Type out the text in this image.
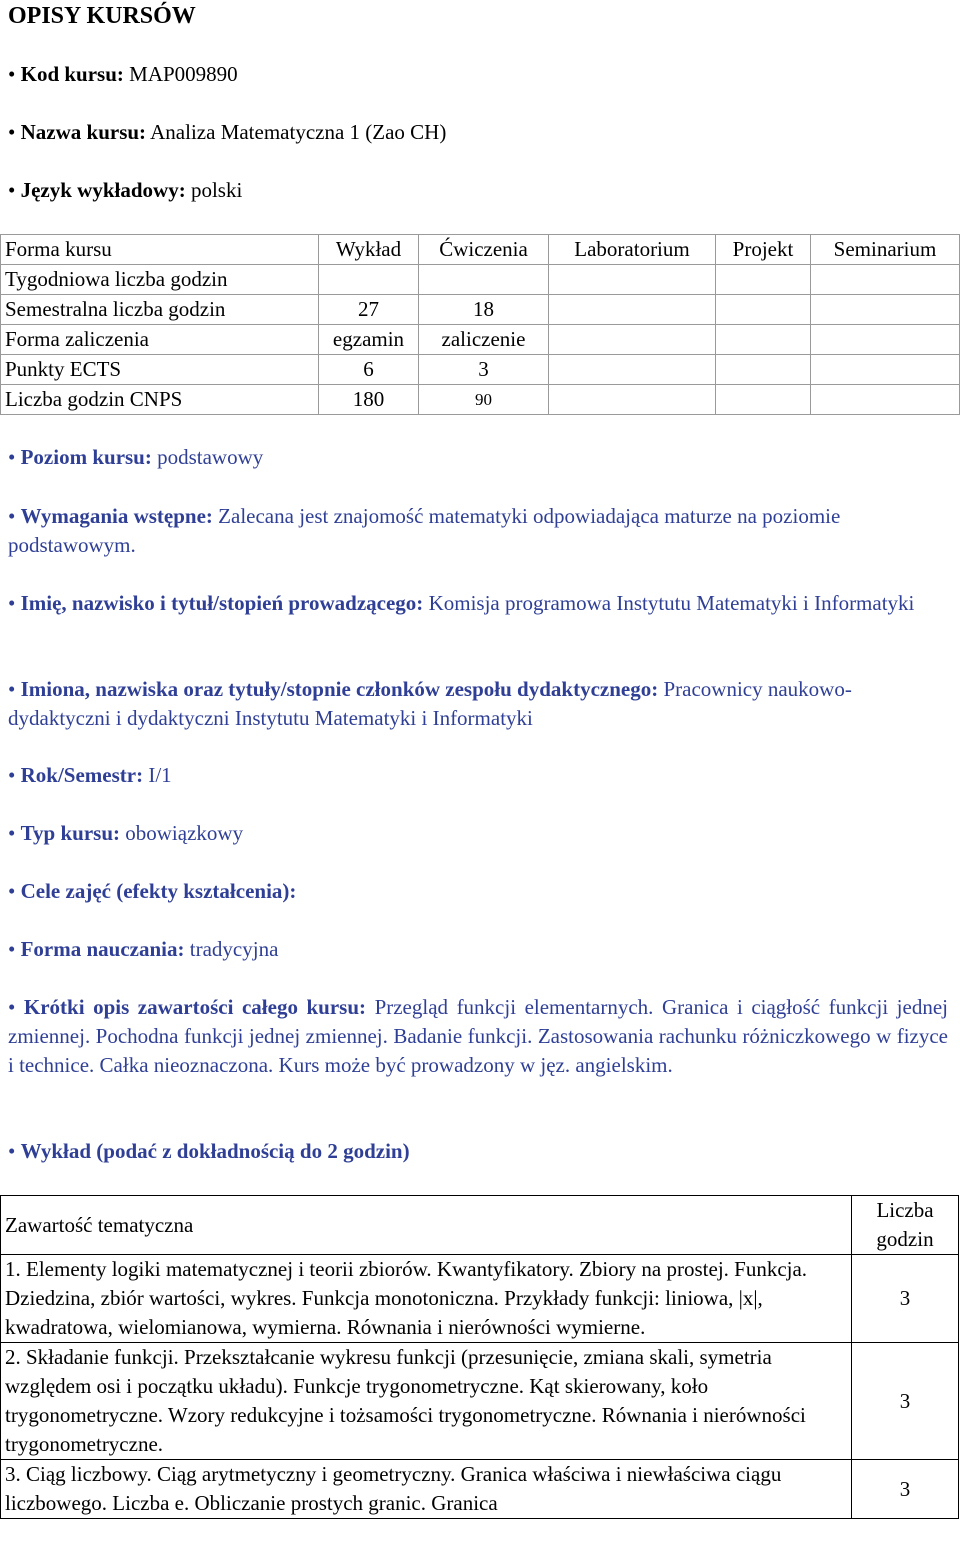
OPISY KURSÓW
• Kod kursu: MAP009890
• Nazwa kursu: Analiza Matematyczna 1 (Zao CH)
• Język wykładowy: polski
Forma kursu	Wykład	Ćwiczenia	Laboratorium	Projekt	Seminarium
Tygodniowa liczba godzin					
Semestralna liczba godzin	27	18			
Forma zaliczenia	egzamin	zaliczenie			
Punkty ECTS	6	3			
Liczba godzin CNPS	180	90			
• Poziom kursu: podstawowy
• Wymagania wstępne: Zalecana jest znajomość matematyki odpowiadająca maturze na poziomie podstawowym.
• Imię, nazwisko i tytuł/stopień prowadzącego: Komisja programowa Instytutu Matematyki i Informatyki
• Imiona, nazwiska oraz tytuły/stopnie członków zespołu dydaktycznego: Pracownicy naukowo-dydaktyczni i dydaktyczni Instytutu Matematyki i Informatyki
• Rok/Semestr: I/1
• Typ kursu: obowiązkowy
• Cele zajęć (efekty kształcenia):
• Forma nauczania: tradycyjna
• Krótki opis zawartości całego kursu: Przegląd funkcji elementarnych. Granica i ciągłość funkcji jednej zmiennej. Pochodna funkcji jednej zmiennej. Badanie funkcji. Zastosowania rachunku różniczkowego w fizyce i technice. Całka nieoznaczona. Kurs może być prowadzony w jęz. angielskim.
• Wykład (podać z dokładnością do 2 godzin)
Zawartość tematyczna	Liczba
godzin
1. Elementy logiki matematycznej i teorii zbiorów. Kwantyfikatory. Zbiory na prostej. Funkcja. Dziedzina, zbiór wartości, wykres. Funkcja monotoniczna. Przykłady funkcji: liniowa, |x|, kwadratowa, wielomianowa, wymierna. Równania i nierówności wymierne.	3
2. Składanie funkcji. Przekształcanie wykresu funkcji (przesunięcie, zmiana skali, symetria względem osi i początku układu). Funkcje trygonometryczne. Kąt skierowany, koło trygonometryczne. Wzory redukcyjne i tożsamości trygonometryczne. Równania i nierówności trygonometryczne.	3
3. Ciąg liczbowy. Ciąg arytmetyczny i geometryczny. Granica właściwa i niewłaściwa ciągu liczbowego. Liczba e. Obliczanie prostych granic. Granica	3
